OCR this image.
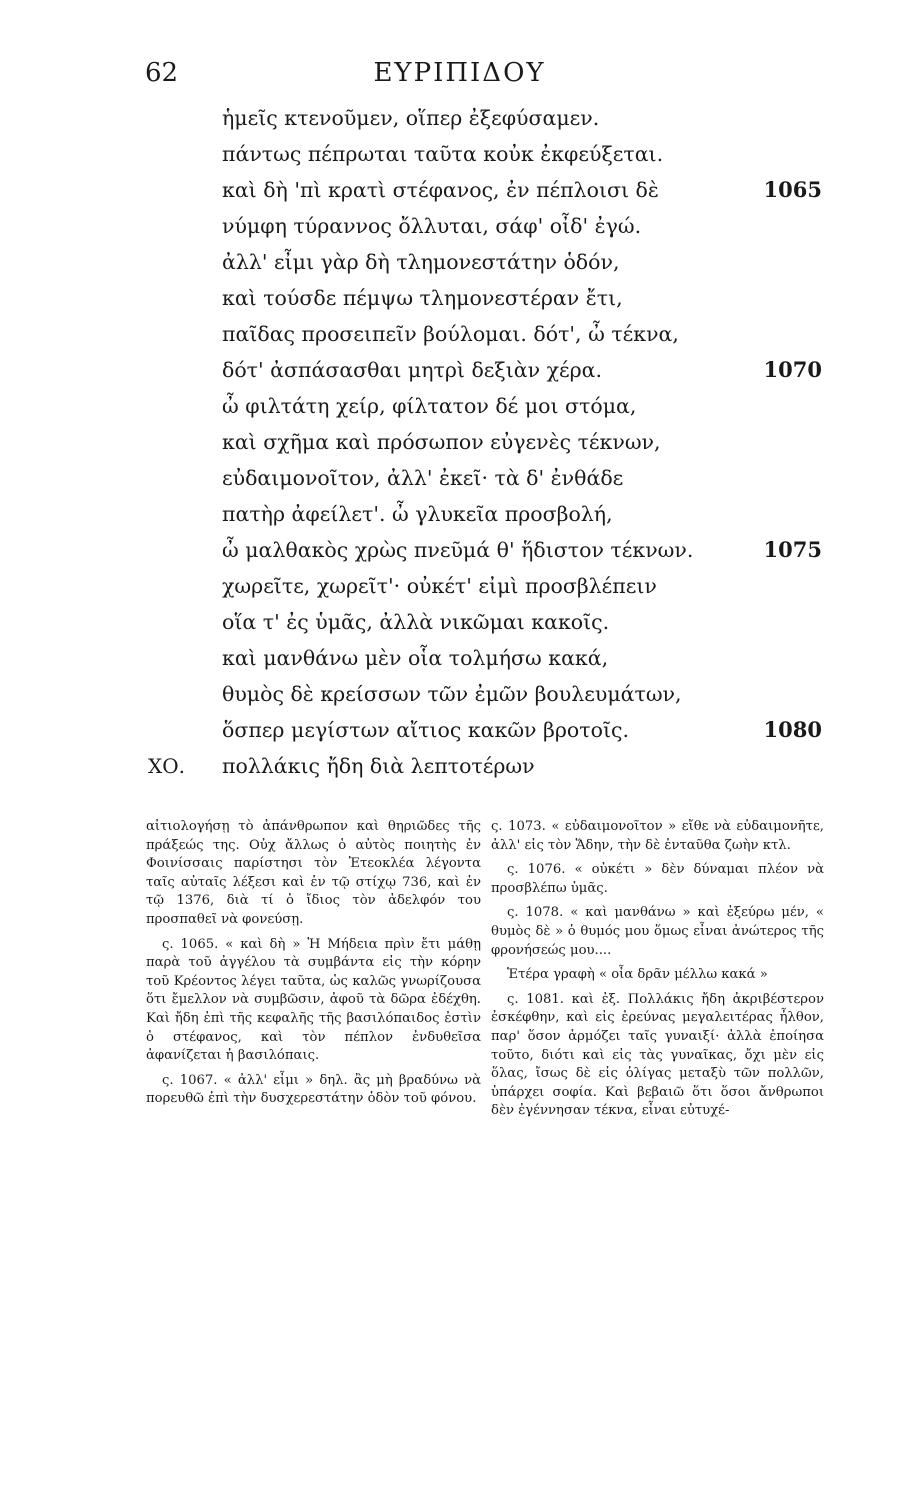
62	ΕΥΡΙΠΙΔΟΥ
ἡμεῖς κτενοῦμεν, οἵπερ ἐξεφύσαμεν.
πάντως πέπρωται ταῦτα κοὐκ ἐκφεύξεται.
καὶ δὴ 'πὶ κρατὶ στέφανος, ἐν πέπλοισι δὲ	1065
νύμφη τύραννος ὄλλυται, σάφ' οἶδ' ἐγώ.
ἀλλ' εἶμι γὰρ δὴ τλημονεστάτην ὁδόν,
καὶ τούσδε πέμψω τλημονεστέραν ἔτι,
παῖδας προσειπεῖν βούλομαι. δότ', ὦ τέκνα,
δότ' ἀσπάσασθαι μητρὶ δεξιὰν χέρα.	1070
ὦ φιλτάτη χείρ, φίλτατον δέ μοι στόμα,
καὶ σχῆμα καὶ πρόσωπον εὐγενὲς τέκνων,
εὐδαιμονοῖτον, ἀλλ' ἐκεῖ· τὰ δ' ἐνθάδε
πατὴρ ἀφείλετ'. ὦ γλυκεῖα προσβολή,
ὦ μαλθακὸς χρὼς πνεῦμά θ' ἥδιστον τέκνων.	1075
χωρεῖτε, χωρεῖτ'· οὐκέτ' εἰμὶ προσβλέπειν
οἵα τ' ἐς ὑμᾶς, ἀλλὰ νικῶμαι κακοῖς.
καὶ μανθάνω μὲν οἷα τολμήσω κακά,
θυμὸς δὲ κρείσσων τῶν ἐμῶν βουλευμάτων,
ὅσπερ μεγίστων αἴτιος κακῶν βροτοῖς.	1080
ΧΟ. πολλάκις ἤδη διὰ λεπτοτέρων

αἰτιολογήσῃ τὸ ἀπάνθρωπον καὶ θηριῶδες τῆς πράξεώς της. Οὐχ ἄλλως ὁ αὐτὸς ποιητὴς ἐν Φοινίσσαις παρίστησι τὸν Ἐτεοκλέα λέγοντα ταῖς αὐταῖς λέξεσι καὶ ἐν τῷ στίχῳ 736, καὶ ἐν τῷ 1376, διὰ τί ὁ ἴδιος τὸν ἀδελφόν του προσπαθεῖ νὰ φονεύσῃ.

ς. 1065. « καὶ δὴ » Ἡ Μήδεια πρὶν ἔτι μάθῃ παρὰ τοῦ ἀγγέλου τὰ συμβάντα εἰς τὴν κόρην τοῦ Κρέοντος λέγει ταῦτα, ὡς καλῶς γνωρίζουσα ὅτι ἔμελλον νὰ συμβῶσιν, ἀφοῦ τὰ δῶρα ἐδέχθη. Καὶ ἤδη ἐπὶ τῆς κεφαλῆς τῆς βασιλόπαιδος ἐστὶν ὁ στέφανος, καὶ τὸν πέπλον ἐνδυθεῖσα ἀφανίζεται ἡ βασιλόπαις.

ς. 1067. « ἀλλ' εἶμι » δηλ. ἂς μὴ βραδύνω νὰ πορευθῶ ἐπὶ τὴν δυσχερεστάτην ὁδὸν τοῦ φόνου.

ς. 1073. « εὐδαιμονοῖτον » εἴθε νὰ εὐδαιμονῆτε, ἀλλ' εἰς τὸν Ἅδην, τὴν δὲ ἐνταῦθα ζωὴν κτλ.

ς. 1076. « οὐκέτι » δὲν δύναμαι πλέον νὰ προσβλέπω ὑμᾶς.

ς. 1078. « καὶ μανθάνω » καὶ ἐξεύρω μέν, « θυμὸς δὲ » ὁ θυμός μου ὅμως εἶναι ἀνώτερος τῆς φρονήσεώς μου....

Ἑτέρα γραφὴ « οἷα δρᾶν μέλλω κακά »

ς. 1081. καὶ ἐξ. Πολλάκις ἤδη ἀκριβέστερον ἐσκέφθην, καὶ εἰς ἐρεύνας μεγαλειτέρας ἦλθον, παρ' ὅσον ἁρμόζει ταῖς γυναιξί· ἀλλὰ ἐποίησα τοῦτο, διότι καὶ εἰς τὰς γυναῖκας, ὄχι μὲν εἰς ὅλας, ἴσως δὲ εἰς ὀλίγας μεταξὺ τῶν πολλῶν, ὑπάρχει σοφία. Καὶ βεβαιῶ ὅτι ὅσοι ἄνθρωποι δὲν ἐγέννησαν τέκνα, εἶναι εὐτυχέ-
